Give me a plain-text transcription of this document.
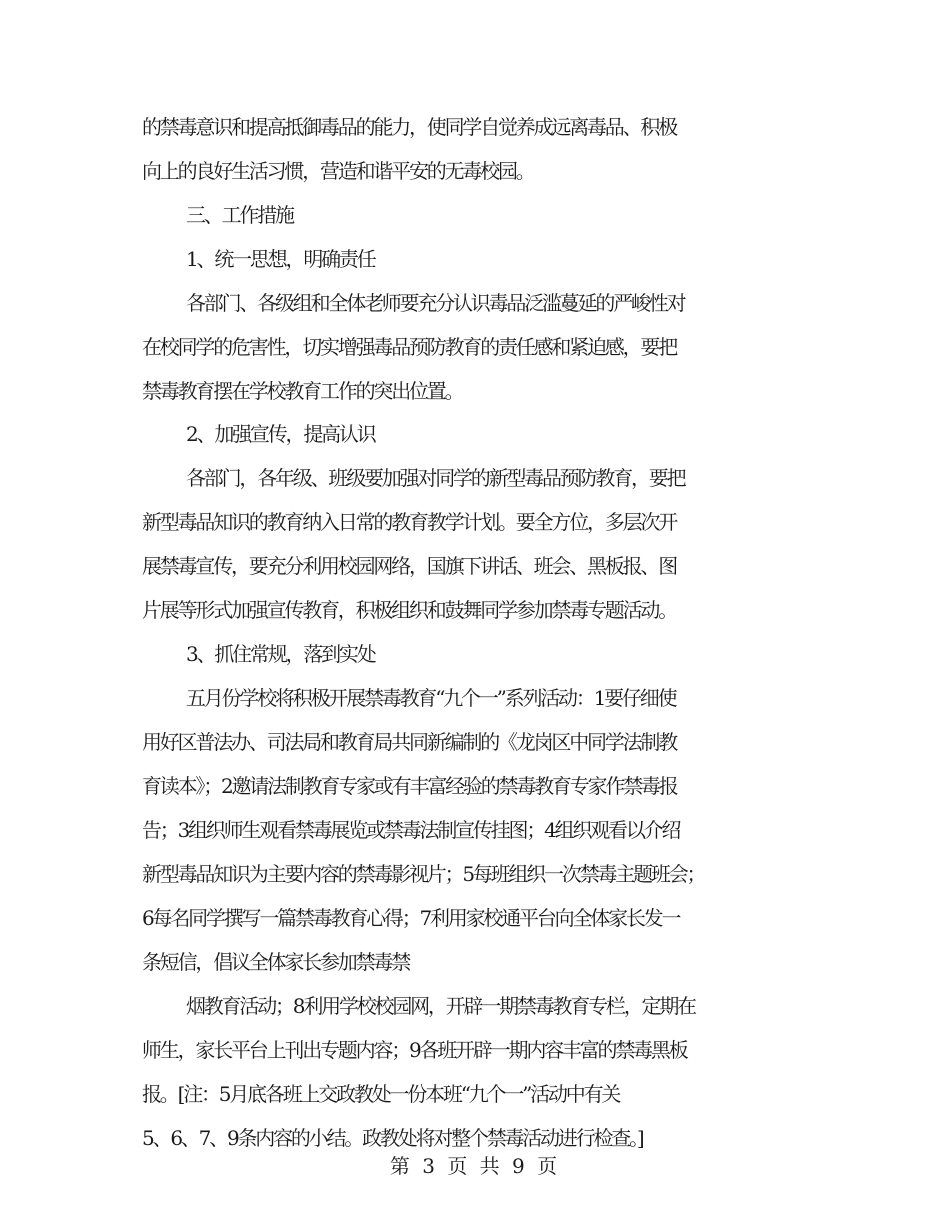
的禁毒意识和提高抵御毒品的能力，使同学自觉养成远离毒品、积极
向上的良好生活习惯，营造和谐平安的无毒校园。
三、工作措施
1、统一思想，明确责任
各部门、各级组和全体老师要充分认识毒品泛滥蔓延的严峻性对
在校同学的危害性，切实增强毒品预防教育的责任感和紧迫感，要把
禁毒教育摆在学校教育工作的突出位置。
2、加强宣传，提高认识
各部门，各年级、班级要加强对同学的新型毒品预防教育，要把
新型毒品知识的教育纳入日常的教育教学计划。要全方位，多层次开
展禁毒宣传，要充分利用校园网络，国旗下讲话、班会、黑板报、图
片展等形式加强宣传教育，积极组织和鼓舞同学参加禁毒专题活动。
3、抓住常规，落到实处
五月份学校将积极开展禁毒教育“九个一”系列活动：1要仔细使
用好区普法办、司法局和教育局共同新编制的《龙岗区中同学法制教
育读本》；2邀请法制教育专家或有丰富经验的禁毒教育专家作禁毒报
告；3组织师生观看禁毒展览或禁毒法制宣传挂图；4组织观看以介绍
新型毒品知识为主要内容的禁毒影视片；5每班组织一次禁毒主题班会；
6每名同学撰写一篇禁毒教育心得；7利用家校通平台向全体家长发一
条短信，倡议全体家长参加禁毒禁
烟教育活动；8利用学校校园网，开辟一期禁毒教育专栏，定期在
师生，家长平台上刊出专题内容；9各班开辟一期内容丰富的禁毒黑板
报。[注：5月底各班上交政教处一份本班“九个一”活动中有关
5、6、7、9条内容的小结。政教处将对整个禁毒活动进行检查。]
第 3 页 共 9 页
